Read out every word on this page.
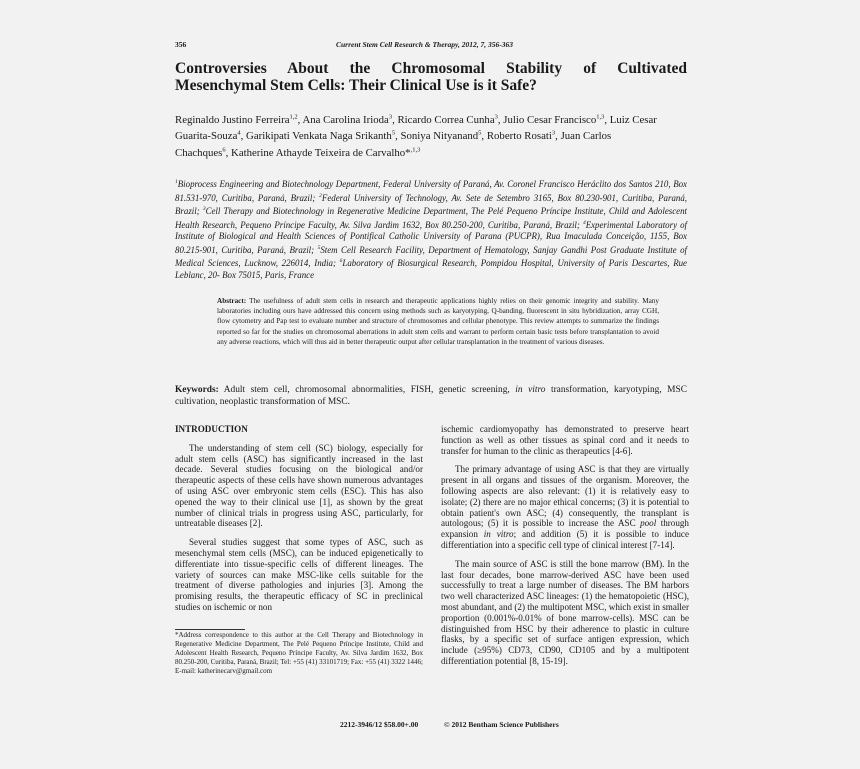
356	Current Stem Cell Research & Therapy, 2012, 7, 356-363
Controversies About the Chromosomal Stability of Cultivated
Mesenchymal Stem Cells: Their Clinical Use is it Safe?
Reginaldo Justino Ferreira$^{1,2}$, Ana Carolina Irioda$^3$, Ricardo Correa Cunha$^3$, Julio Cesar Francisco$^{1,3}$, Luiz Cesar Guarita-Souza$^4$, Garikipati Venkata Naga Srikanth$^5$, Soniya Nityanand$^5$, Roberto Rosati$^3$, Juan Carlos Chachques$^6$, Katherine Athayde Teixeira de Carvalho*$^{,1,3}$
$^1$Bioprocess Engineering and Biotechnology Department, Federal University of Paraná, Av. Coronel Francisco Heráclito dos Santos 210, Box 81.531-970, Curitiba, Paraná, Brazil; $^2$Federal University of Technology, Av. Sete de Setembro 3165, Box 80.230-901, Curitiba, Paraná, Brazil; $^3$Cell Therapy and Biotechnology in Regenerative Medicine Department, The Pelé Pequeno Príncipe Institute, Child and Adolescent Health Research, Pequeno Príncipe Faculty, Av. Silva Jardim 1632, Box 80.250-200, Curitiba, Paraná, Brazil; $^4$Experimental Laboratory of Institute of Biological and Health Sciences of Pontifical Catholic University of Parana (PUCPR), Rua Imaculada Conceição, 1155, Box 80.215-901, Curitiba, Paraná, Brazil; $^5$Stem Cell Research Facility, Department of Hematology, Sanjay Gandhi Post Graduate Institute of Medical Sciences, Lucknow, 226014, India; $^6$Laboratory of Biosurgical Research, Pompidou Hospital, University of Paris Descartes, Rue Leblanc, 20- Box 75015, Paris, France
Abstract: The usefulness of adult stem cells in research and therapeutic applications highly relies on their genomic integrity and stability. Many laboratories including ours have addressed this concern using methods such as karyotyping, Q-banding, fluorescent in situ hybridization, array CGH, flow cytometry and Pap test to evaluate number and structure of chromosomes and cellular phenotype. This review attempts to summarize the findings reported so far for the studies on chromosomal aberrations in adult stem cells and warrant to perform certain basic tests before transplantation to avoid any adverse reactions, which will thus aid in better therapeutic output after cellular transplantation in the treatment of various diseases.
Keywords: Adult stem cell, chromosomal abnormalities, FISH, genetic screening, in vitro transformation, karyotyping, MSC cultivation, neoplastic transformation of MSC.

INTRODUCTION

The understanding of stem cell (SC) biology, especially for adult stem cells (ASC) has significantly increased in the last decade. Several studies focusing on the biological and/or therapeutic aspects of these cells have shown numerous advantages of using ASC over embryonic stem cells (ESC). This has also opened the way to their clinical use [1], as shown by the great number of clinical trials in progress using ASC, particularly, for untreatable diseases [2].

Several studies suggest that some types of ASC, such as mesenchymal stem cells (MSC), can be induced epigenetically to differentiate into tissue-specific cells of different lineages. The variety of sources can make MSC-like cells suitable for the treatment of diverse pathologies and injuries [3]. Among the promising results, the therapeutic efficacy of SC in preclinical studies on ischemic or non

ischemic cardiomyopathy has demonstrated to preserve heart function as well as other tissues as spinal cord and it needs to transfer for human to the clinic as therapeutics [4-6].

The primary advantage of using ASC is that they are virtually present in all organs and tissues of the organism. Moreover, the following aspects are also relevant: (1) it is relatively easy to isolate; (2) there are no major ethical concerns; (3) it is potential to obtain patient's own ASC; (4) consequently, the transplant is autologous; (5) it is possible to increase the ASC pool through expansion in vitro; and addition (5) it is possible to induce differentiation into a specific cell type of clinical interest [7-14].

The main source of ASC is still the bone marrow (BM). In the last four decades, bone marrow-derived ASC have been used successfully to treat a large number of diseases. The BM harbors two well characterized ASC lineages: (1) the hematopoietic (HSC), most abundant, and (2) the multipotent MSC, which exist in smaller proportion (0.001%-0.01% of bone marrow-cells). MSC can be distinguished from HSC by their adherence to plastic in culture flasks, by a specific set of surface antigen expression, which include (≥95%) CD73, CD90, CD105 and by a multipotent differentiation potential [8, 15-19].

*Address correspondence to this author at the Cell Therapy and Biotechnology in Regenerative Medicine Department, The Pelé Pequeno Príncipe Institute, Child and Adolescent Health Research, Pequeno Príncipe Faculty, Av. Silva Jardim 1632, Box 80.250-200, Curitiba, Paraná, Brazil; Tel: +55 (41) 33101719; Fax: +55 (41) 3322 1446; E-mail: katherinecarv@gmail.com
2212-3946/12 $58.00+.00	© 2012 Bentham Science Publishers
